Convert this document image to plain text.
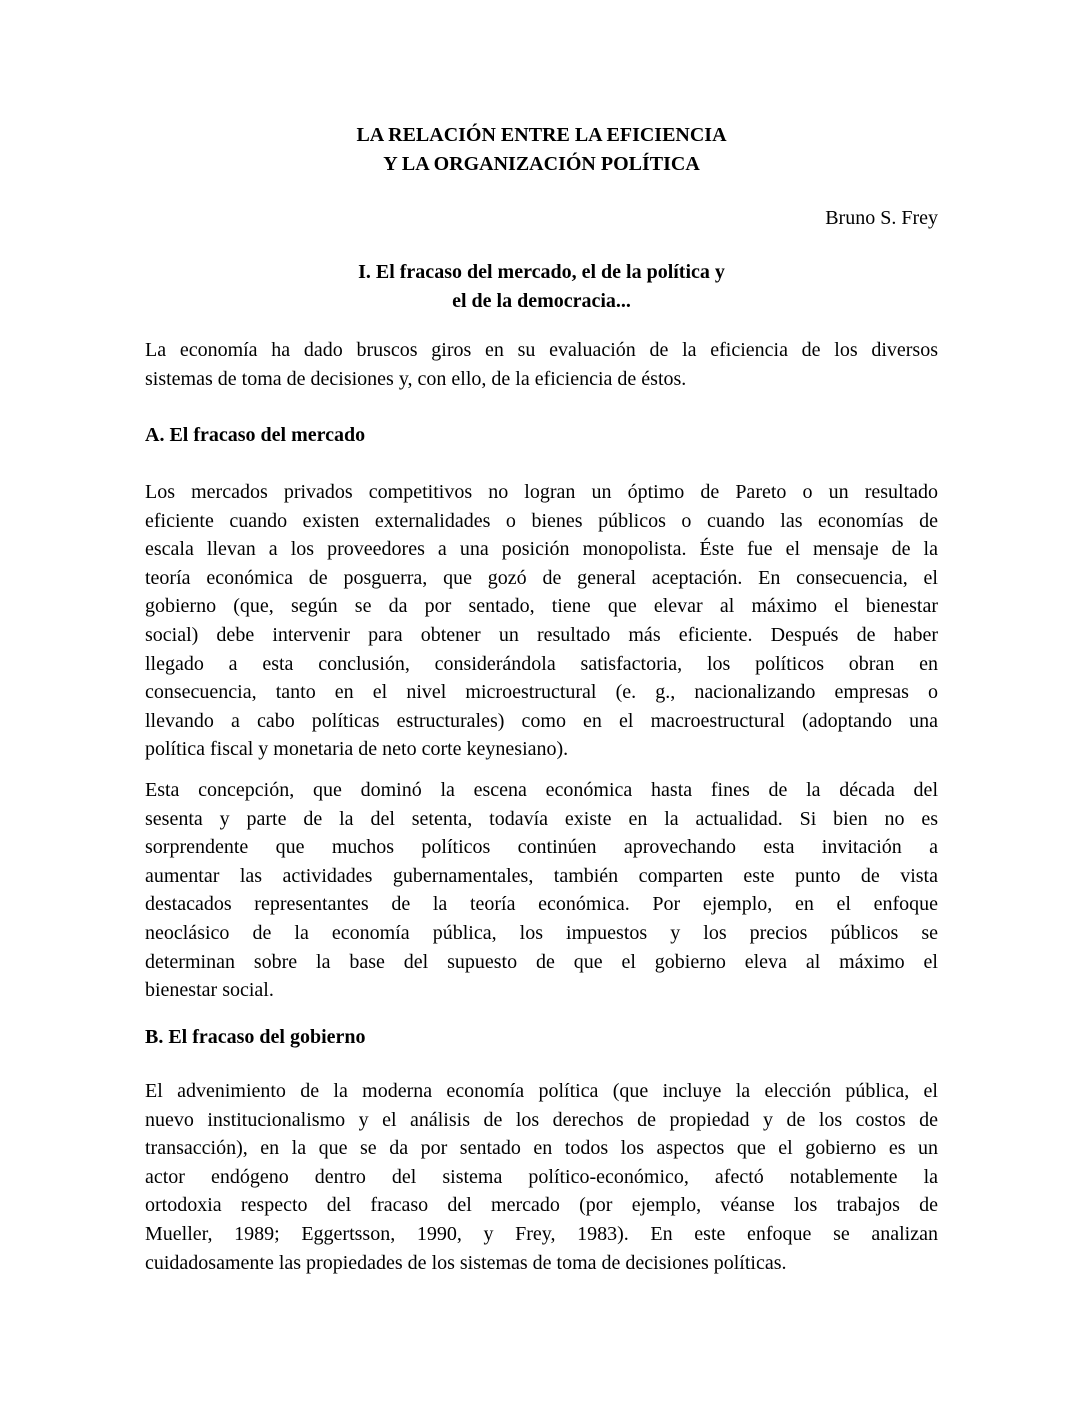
LA RELACIÓN ENTRE LA EFICIENCIA
Y LA ORGANIZACIÓN POLÍTICA
Bruno S. Frey
I. El fracaso del mercado, el de la política y
el de la democracia...
La economía ha dado bruscos giros en su evaluación de la eficiencia de los diversos
sistemas de toma de decisiones y, con ello, de la eficiencia de éstos.
A. El fracaso del mercado
Los mercados privados competitivos no logran un óptimo de Pareto o un resultado
eficiente cuando existen externalidades o bienes públicos o cuando las economías de
escala llevan a los proveedores a una posición monopolista. Éste fue el mensaje de la
teoría económica de posguerra, que gozó de general aceptación. En consecuencia, el
gobierno (que, según se da por sentado, tiene que elevar al máximo el bienestar
social) debe intervenir para obtener un resultado más eficiente. Después de haber
llegado a esta conclusión, considerándola satisfactoria, los políticos obran en
consecuencia, tanto en el nivel microestructural (e. g., nacionalizando empresas o
llevando a cabo políticas estructurales) como en el macroestructural (adoptando una
política fiscal y monetaria de neto corte keynesiano).
Esta concepción, que dominó la escena económica hasta fines de la década del
sesenta y parte de la del setenta, todavía existe en la actualidad. Si bien no es
sorprendente que muchos políticos continúen aprovechando esta invitación a
aumentar las actividades gubernamentales, también comparten este punto de vista
destacados representantes de la teoría económica. Por ejemplo, en el enfoque
neoclásico de la economía pública, los impuestos y los precios públicos se
determinan sobre la base del supuesto de que el gobierno eleva al máximo el
bienestar social.
B. El fracaso del gobierno
El advenimiento de la moderna economía política (que incluye la elección pública, el
nuevo institucionalismo y el análisis de los derechos de propiedad y de los costos de
transacción), en la que se da por sentado en todos los aspectos que el gobierno es un
actor endógeno dentro del sistema político-económico, afectó notablemente la
ortodoxia respecto del fracaso del mercado (por ejemplo, véanse los trabajos de
Mueller, 1989; Eggertsson, 1990, y Frey, 1983). En este enfoque se analizan
cuidadosamente las propiedades de los sistemas de toma de decisiones políticas.
